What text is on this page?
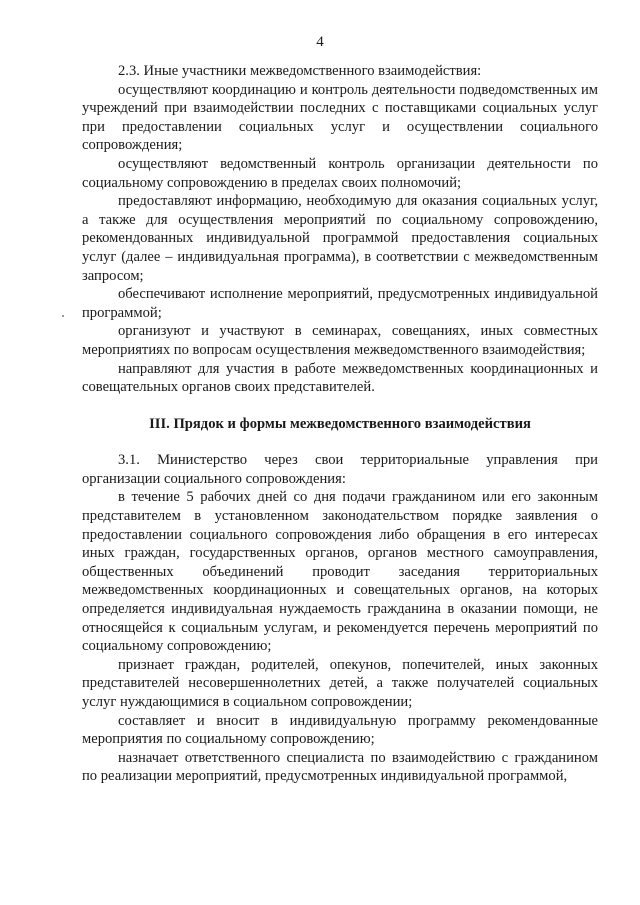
4

2.3. Иные участники межведомственного взаимодействия:

осуществляют координацию и контроль деятельности подведомственных им учреждений при взаимодействии последних с поставщиками социальных услуг при предоставлении социальных услуг и осуществлении социального сопровождения;

осуществляют ведомственный контроль организации деятельности по социальному сопровождению в пределах своих полномочий;

предоставляют информацию, необходимую для оказания социальных услуг, а также для осуществления мероприятий по социальному сопровождению, рекомендованных индивидуальной программой предоставления социальных услуг (далее – индивидуальная программа), в соответствии с межведомственным запросом;

обеспечивают исполнение мероприятий, предусмотренных индивидуальной программой;

организуют и участвуют в семинарах, совещаниях, иных совместных мероприятиях по вопросам осуществления межведомственного взаимодействия;

направляют для участия в работе межведомственных координационных и совещательных органов своих представителей.

III. Прядок и формы межведомственного взаимодействия

3.1. Министерство через свои территориальные управления при организации социального сопровождения:

в течение 5 рабочих дней со дня подачи гражданином или его законным представителем в установленном законодательством порядке заявления о предоставлении социального сопровождения либо обращения в его интересах иных граждан, государственных органов, органов местного самоуправления, общественных объединений проводит заседания территориальных межведомственных координационных и совещательных органов, на которых определяется индивидуальная нуждаемость гражданина в оказании помощи, не относящейся к социальным услугам, и рекомендуется перечень мероприятий по социальному сопровождению;

признает граждан, родителей, опекунов, попечителей, иных законных представителей несовершеннолетних детей, а также получателей социальных услуг нуждающимися в социальном сопровождении;

составляет и вносит в индивидуальную программу рекомендованные мероприятия по социальному сопровождению;

назначает ответственного специалиста по взаимодействию с гражданином по реализации мероприятий, предусмотренных индивидуальной программой,
